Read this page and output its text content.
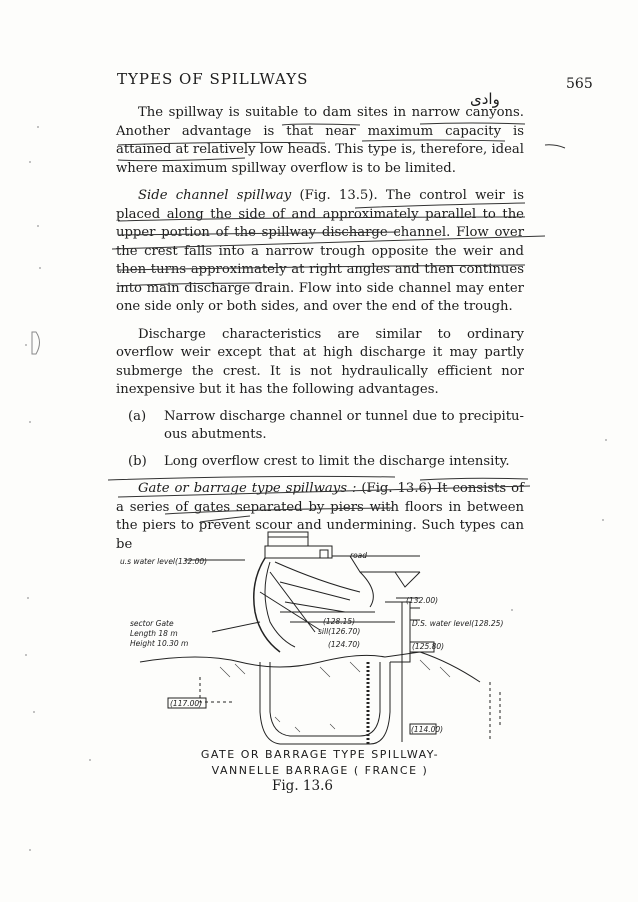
TYPES OF SPILLWAYS	565
وادی

The spillway is suitable to dam sites in narrow canyons. Another advantage is that near maximum capacity is attained at relatively low heads. This type is, therefore, ideal where maximum spillway overflow is to be limited.

Side channel spillway (Fig. 13.5). The control weir is placed along the side of and approximately parallel to the upper portion of the spillway discharge channel. Flow over the crest falls into a narrow trough opposite the weir and then turns approximately at right angles and then continues into main discharge drain. Flow into side channel may enter one side only or both sides, and over the end of the trough.

Discharge characteristics are similar to ordinary overflow weir except that at high discharge it may partly submerge the crest. It is not hydraulically efficient nor inexpensive but it has the following advantages.

(a)	Narrow discharge channel or tunnel due to precipitu-ous abutments.
(b)	Long overflow crest to limit the discharge intensity.

Gate or barrage type spillways : (Fig. 13.6) It consists of a series of gates separated by piers with floors in between the piers to prevent scour and undermining. Such types can be

u.s water level(132.00)
road
(132.00)
(128.15)	D.S. water level(128.25)
sill(126.70)
(125.80)
(124.70)
sector Gate
Length 18 m
Height 10.30 m
(117.00)
(114.00)
GATE OR BARRAGE TYPE SPILLWAY-
VANNELLE BARRAGE ( FRANCE )
Fig. 13.6
